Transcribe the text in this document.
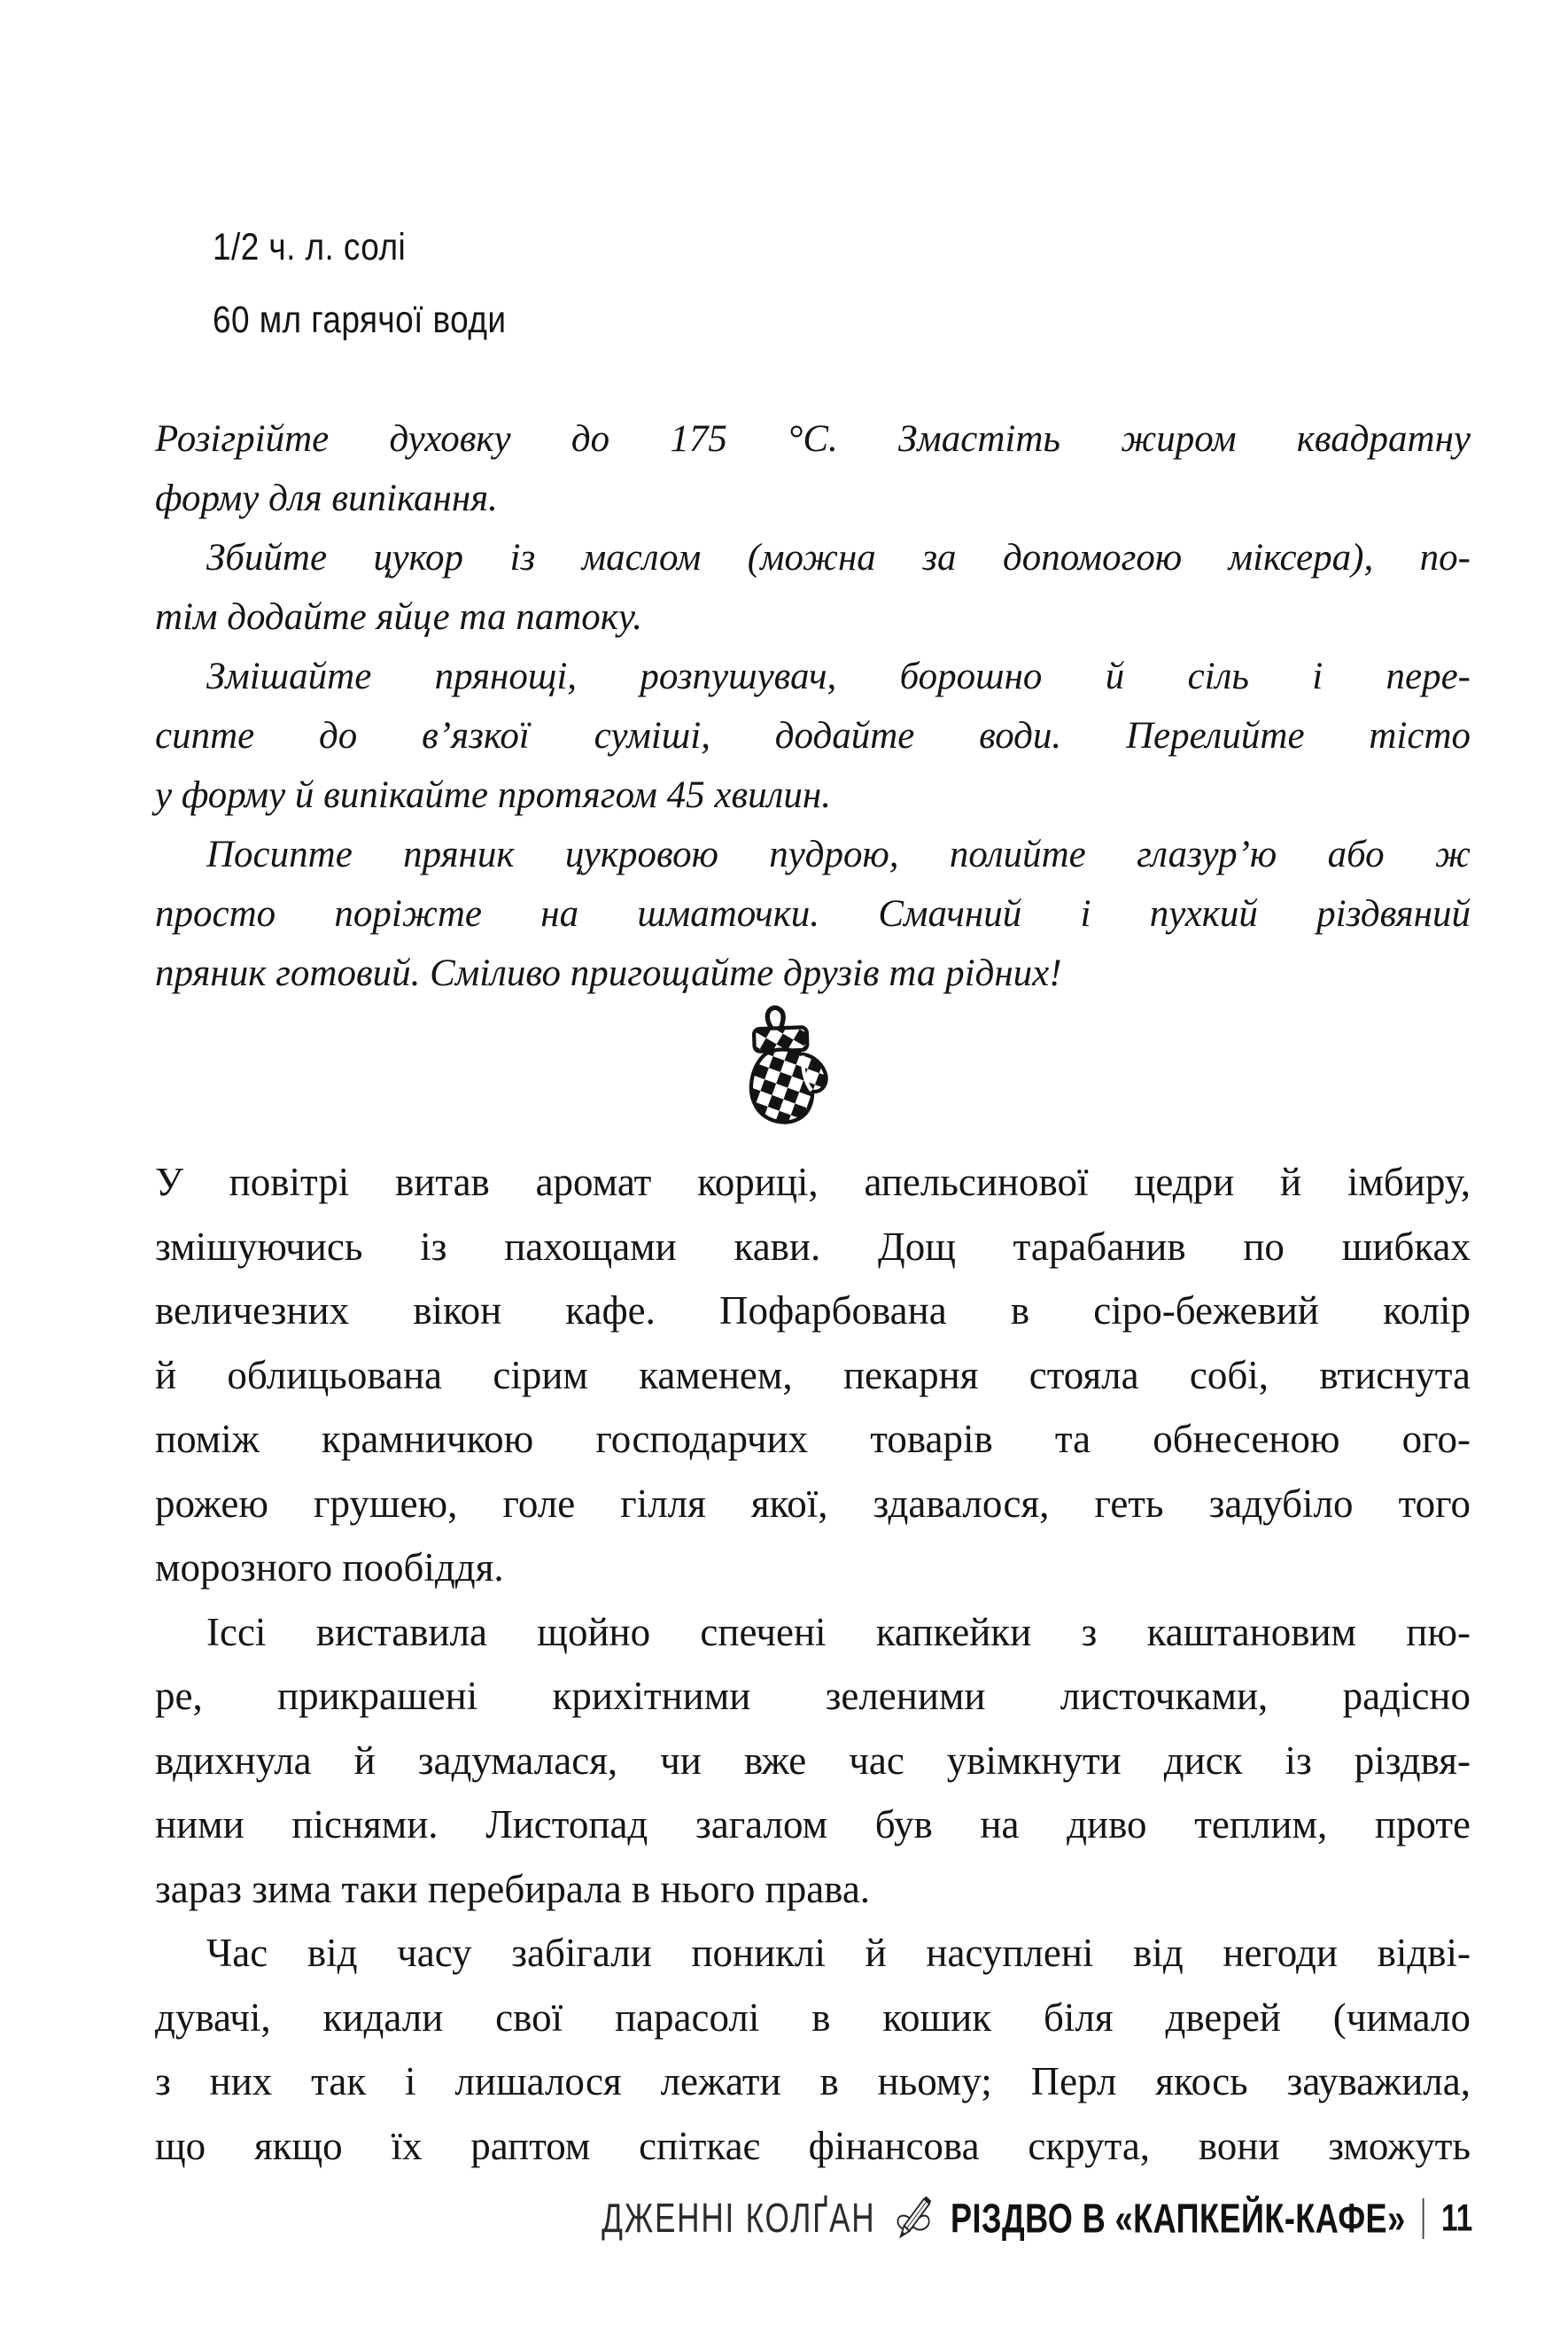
1/2 ч. л. солі
60 мл гарячої води
Розігрійте духовку до 175 °С. Змастіть жиром квадратну
форму для випікання.
Збийте цукор із маслом (можна за допомогою міксера), по-
тім додайте яйце та патоку.
Змішайте прянощі, розпушувач, борошно й сіль і пере-
сипте до в’язкої суміші, додайте води. Перелийте тісто
у форму й випікайте протягом 45 хвилин.
Посипте пряник цукровою пудрою, полийте глазур’ю або ж
просто поріжте на шматочки. Смачний і пухкий різдвяний
пряник готовий. Сміливо пригощайте друзів та рідних!
У повітрі витав аромат кориці, апельсинової цедри й імбиру,
змішуючись із пахощами кави. Дощ тарабанив по шибках
величезних вікон кафе. Пофарбована в сіро-бежевий колір
й облицьована сірим каменем, пекарня стояла собі, втиснута
поміж крамничкою господарчих товарів та обнесеною ого-
рожею грушею, голе гілля якої, здавалося, геть задубіло того
морозного пообіддя.
Іссі виставила щойно спечені капкейки з каштановим пю-
ре, прикрашені крихітними зеленими листочками, радісно
вдихнула й задумалася, чи вже час увімкнути диск із різдвя-
ними піснями. Листопад загалом був на диво теплим, проте
зараз зима таки перебирала в нього права.
Час від часу забігали пониклі й насуплені від негоди відві-
дувачі, кидали свої парасолі в кошик біля дверей (чимало
з них так і лишалося лежати в ньому; Перл якось зауважила,
що якщо їх раптом спіткає фінансова скрута, вони зможуть
ДЖЕННІ КОЛҐАН РІЗДВО В «КАПКЕЙК-КАФЕ» 11
